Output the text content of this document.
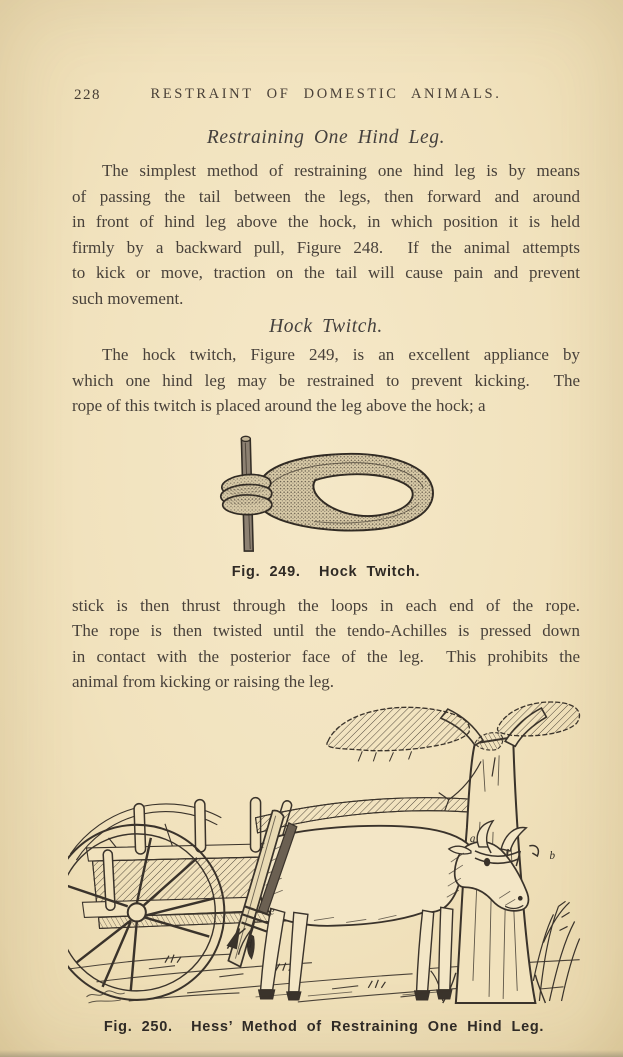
228	RESTRAINT OF DOMESTIC ANIMALS.
Restraining One Hind Leg.
The simplest method of restraining one hind leg is by means
of passing the tail between the legs, then forward and around
in front of hind leg above the hock, in which position it is held
firmly by a backward pull, Figure 248.  If the animal attempts
to kick or move, traction on the tail will cause pain and prevent
such movement.
Hock Twitch.
The hock twitch, Figure 249, is an excellent appliance by
which one hind leg may be restrained to prevent kicking.  The
rope of this twitch is placed around the leg above the hock; a
Fig. 249.  Hock Twitch.
stick is then thrust through the loops in each end of the rope.
The rope is then twisted until the tendo-Achilles is pressed down
in contact with the posterior face of the leg.  This prohibits the
animal from kicking or raising the leg.
c
e
d
a
b
Fig. 250.  Hess’ Method of Restraining One Hind Leg.
